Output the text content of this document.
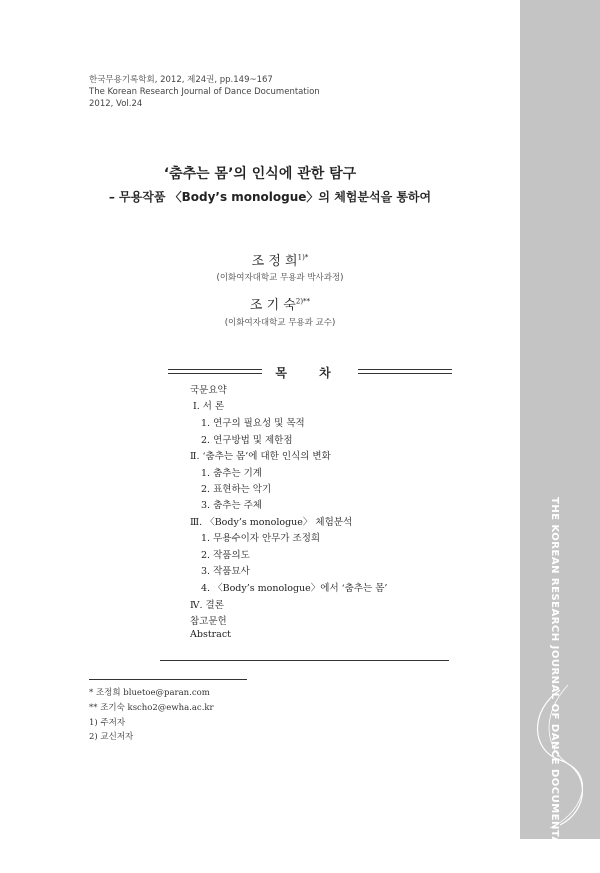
THE KOREAN RESEARCH JOURNAL OF DANCE DOCUMENTATION
한국무용기록학회, 2012, 제24권, pp.149~167
The Korean Research Journal of Dance Documentation
2012, Vol.24
‘춤추는 몸’의 인식에 관한 탐구
– 무용작품 〈Body’s monologue〉의 체험분석을 통하여
조 정 희$^{1)*}$
(이화여자대학교 무용과 박사과정)
조 기 숙$^{2)**}$
(이화여자대학교 무용과 교수)
목 차
국문요약
Ⅰ. 서 론
1. 연구의 필요성 및 목적
2. 연구방법 및 제한점
Ⅱ. ‘춤추는 몸’에 대한 인식의 변화
1. 춤추는 기계
2. 표현하는 악기
3. 춤추는 주체
Ⅲ. 〈Body’s monologue〉 체험분석
1. 무용수이자 안무가 조정희
2. 작품의도
3. 작품묘사
4. 〈Body’s monologue〉에서 ‘춤추는 몸’
Ⅳ. 결론
참고문헌
Abstract
* 조정희 bluetoe@paran.com
** 조기숙 kscho2@ewha.ac.kr
1) 주저자
2) 교신저자
